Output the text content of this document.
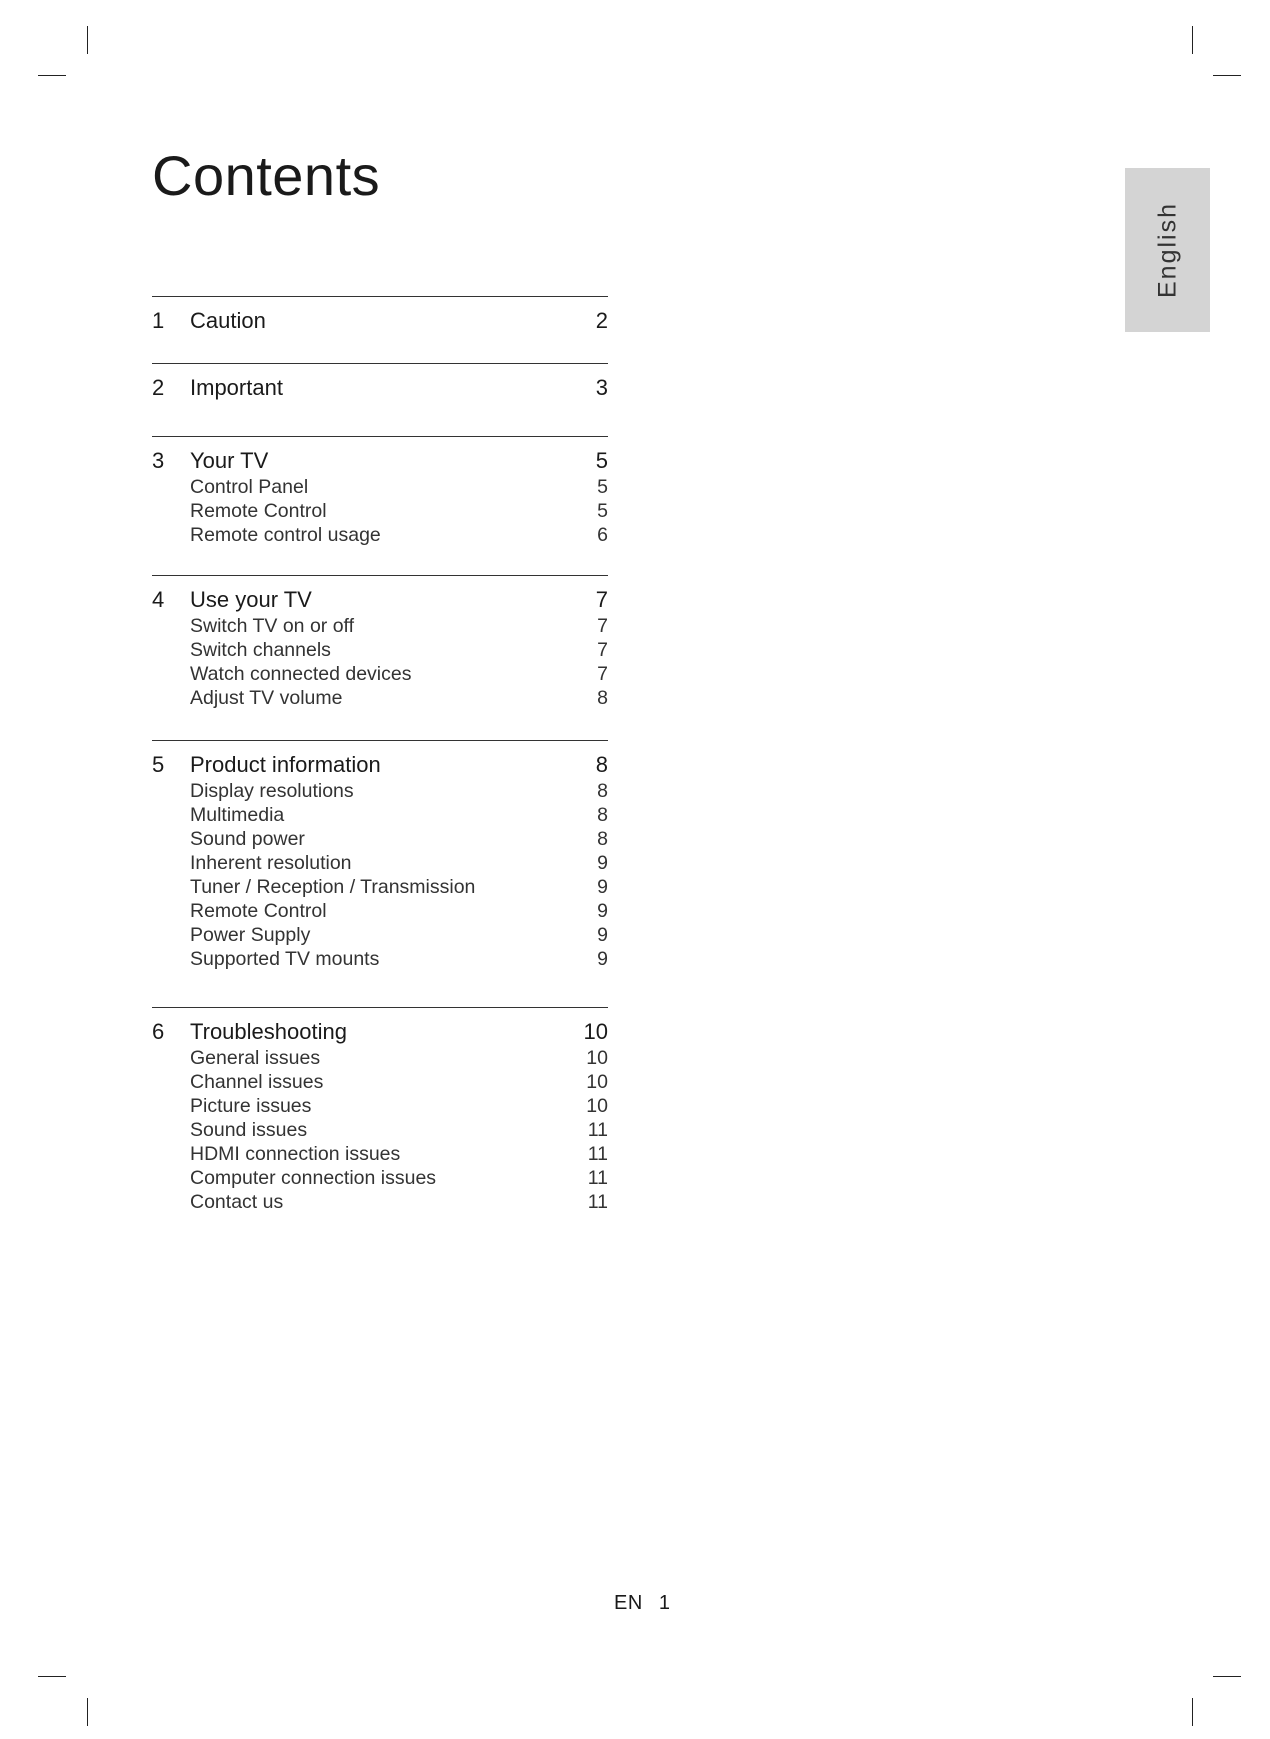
Contents
English
1	Caution	2
2	Important	3
3	Your TV	5
Control Panel	5
Remote Control	5
Remote control usage	6
4	Use your TV	7
Switch TV on or off	7
Switch channels	7
Watch connected devices	7
Adjust TV volume	8
5	Product information	8
Display resolutions	8
Multimedia	8
Sound power	8
Inherent resolution	9
Tuner / Reception / Transmission	9
Remote Control	9
Power Supply	9
Supported TV mounts	9
6	Troubleshooting	10
General issues	10
Channel issues	10
Picture issues	10
Sound issues	11
HDMI connection issues	11
Computer connection issues	11
Contact us	11
EN 1
